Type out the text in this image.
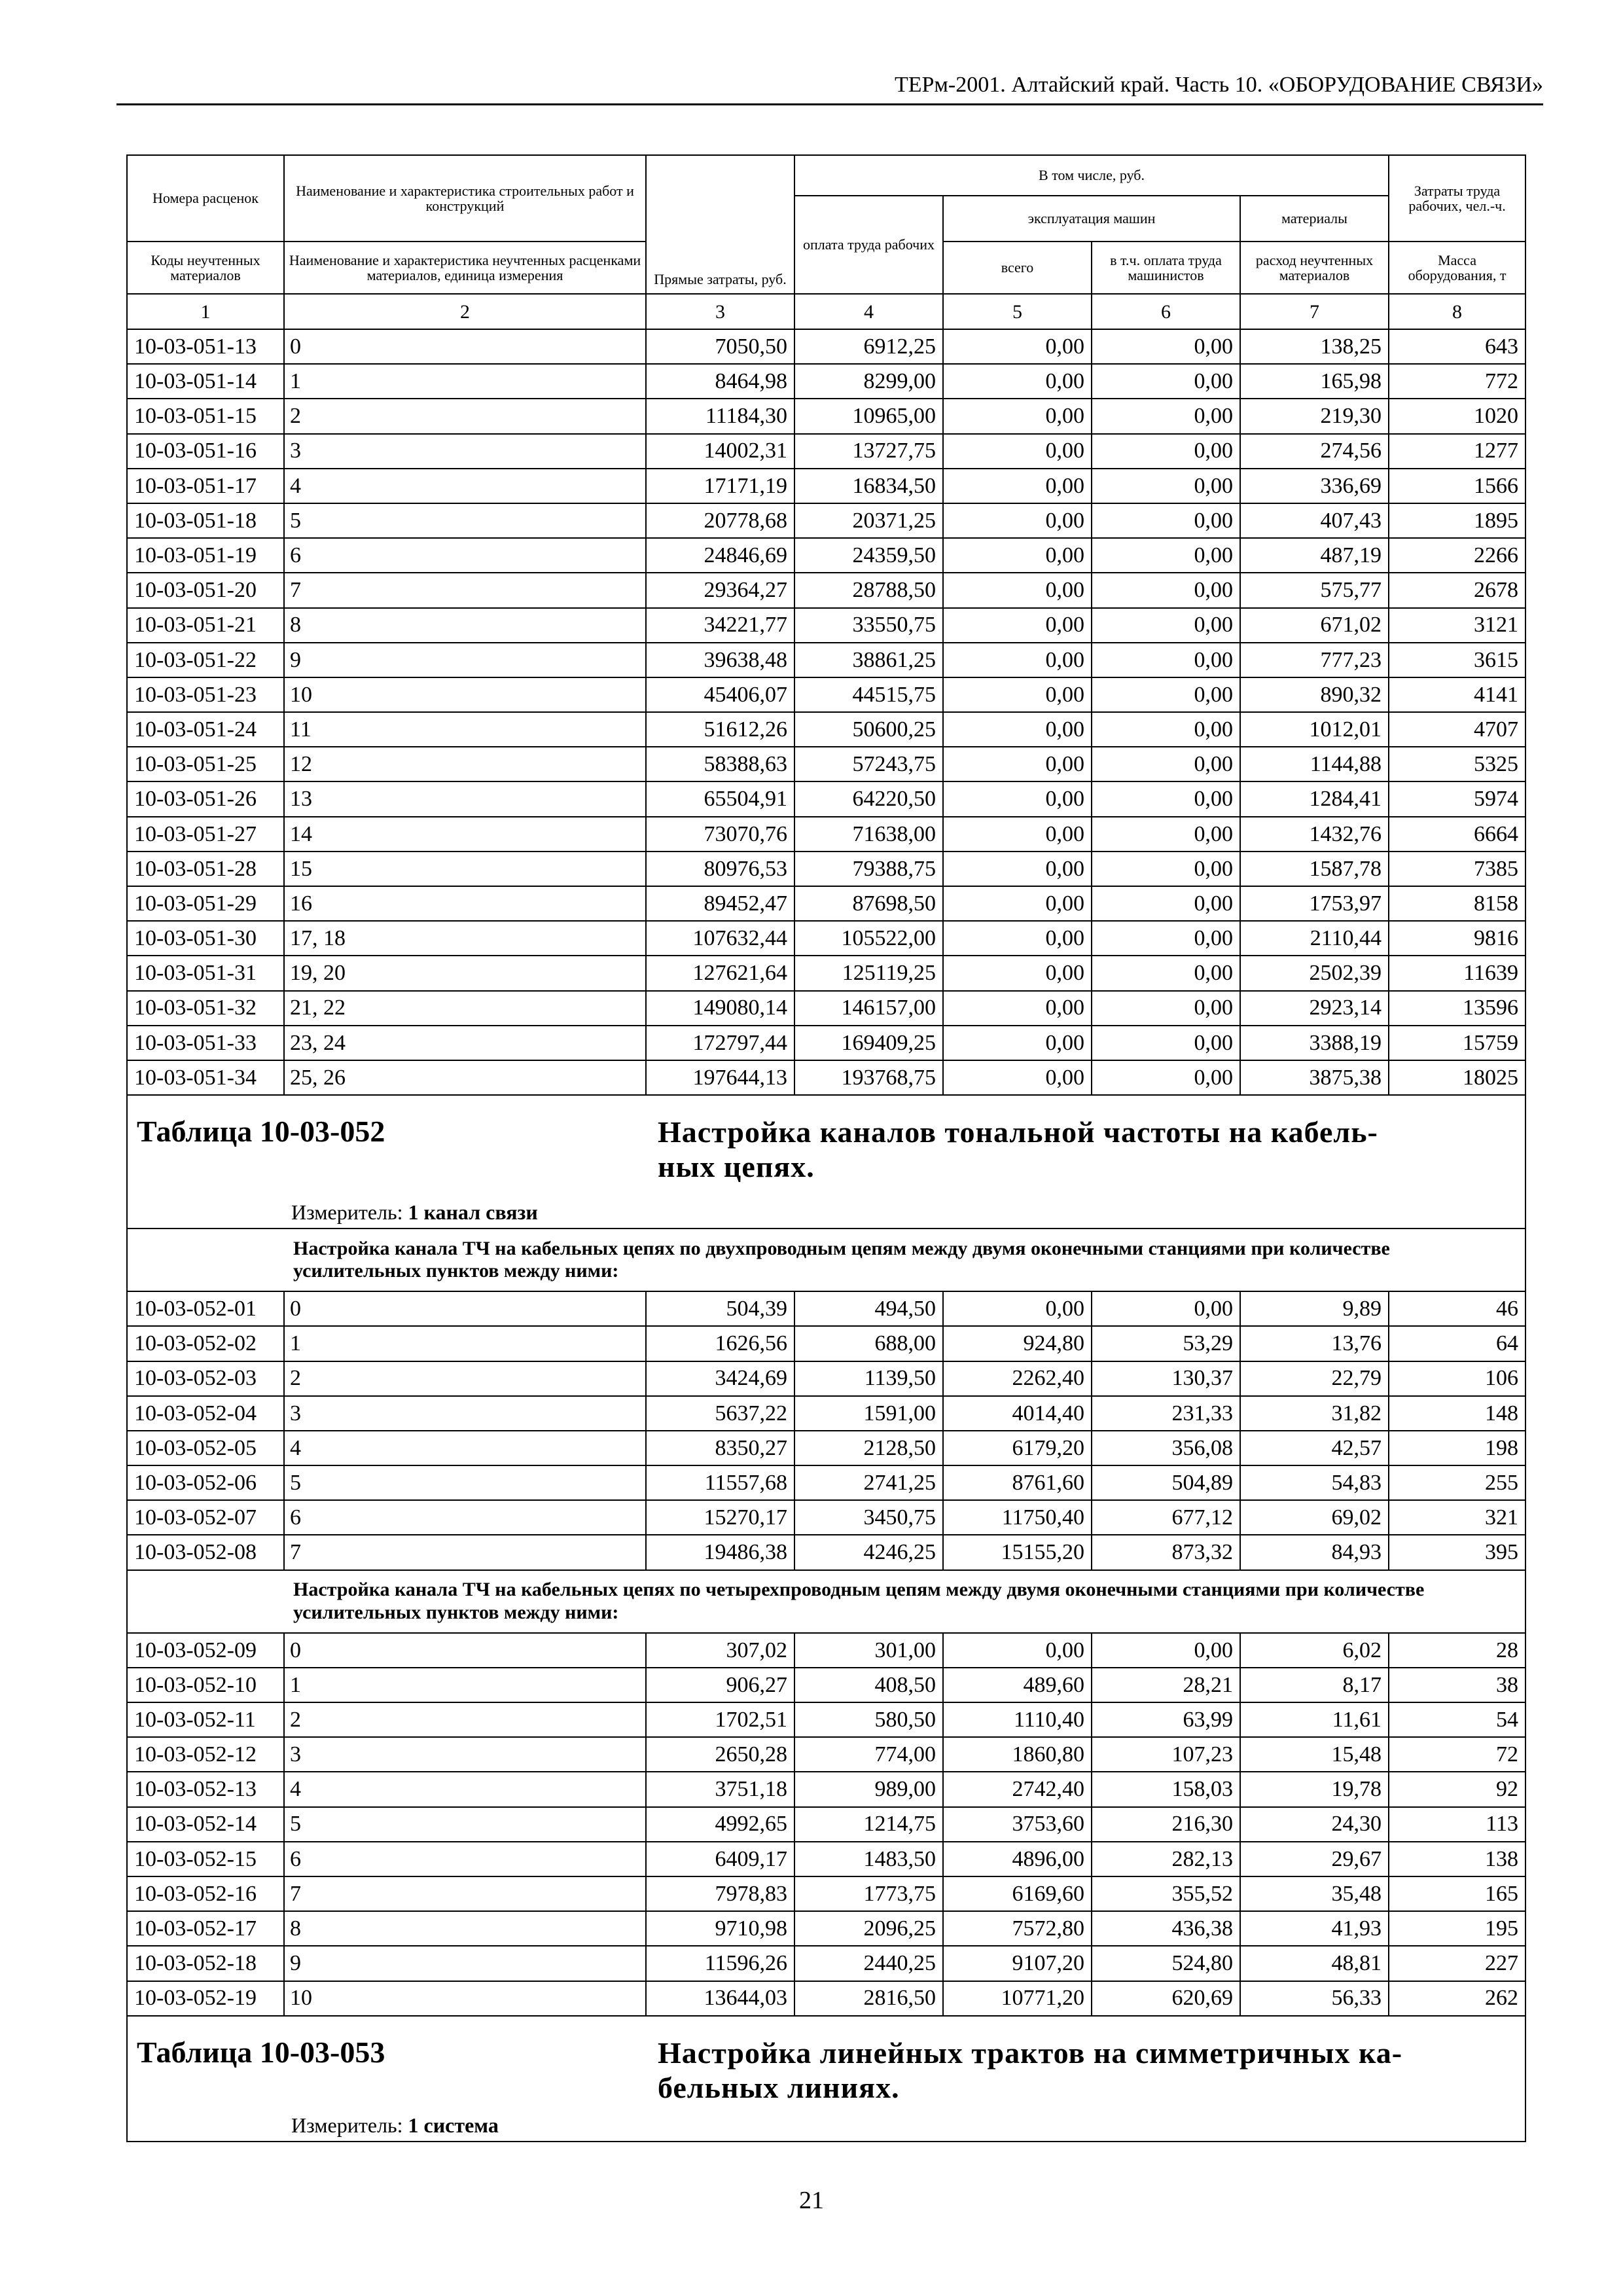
ТЕРм-2001. Алтайский край. Часть 10. «ОБОРУДОВАНИЕ СВЯЗИ»
Номера расценок	Наименование и характеристика строительных работ и конструкций	Прямые затраты, руб.	В том числе, руб.				Затраты труда рабочих, чел.-ч.
			оплата труда рабочих	эксплуатация машин		материалы	
Коды неучтенных материалов	Наименование и характеристика неучтенных расценками материалов, единица измерения			всего	в т.ч. оплата труда машинистов	расход неучтенных материалов	Масса оборудования, т
1	2	3	4	5	6	7	8
10-03-051-13	0	7050,50	6912,25	0,00	0,00	138,25	643
10-03-051-14	1	8464,98	8299,00	0,00	0,00	165,98	772
10-03-051-15	2	11184,30	10965,00	0,00	0,00	219,30	1020
10-03-051-16	3	14002,31	13727,75	0,00	0,00	274,56	1277
10-03-051-17	4	17171,19	16834,50	0,00	0,00	336,69	1566
10-03-051-18	5	20778,68	20371,25	0,00	0,00	407,43	1895
10-03-051-19	6	24846,69	24359,50	0,00	0,00	487,19	2266
10-03-051-20	7	29364,27	28788,50	0,00	0,00	575,77	2678
10-03-051-21	8	34221,77	33550,75	0,00	0,00	671,02	3121
10-03-051-22	9	39638,48	38861,25	0,00	0,00	777,23	3615
10-03-051-23	10	45406,07	44515,75	0,00	0,00	890,32	4141
10-03-051-24	11	51612,26	50600,25	0,00	0,00	1012,01	4707
10-03-051-25	12	58388,63	57243,75	0,00	0,00	1144,88	5325
10-03-051-26	13	65504,91	64220,50	0,00	0,00	1284,41	5974
10-03-051-27	14	73070,76	71638,00	0,00	0,00	1432,76	6664
10-03-051-28	15	80976,53	79388,75	0,00	0,00	1587,78	7385
10-03-051-29	16	89452,47	87698,50	0,00	0,00	1753,97	8158
10-03-051-30	17, 18	107632,44	105522,00	0,00	0,00	2110,44	9816
10-03-051-31	19, 20	127621,64	125119,25	0,00	0,00	2502,39	11639
10-03-051-32	21, 22	149080,14	146157,00	0,00	0,00	2923,14	13596
10-03-051-33	23, 24	172797,44	169409,25	0,00	0,00	3388,19	15759
10-03-051-34	25, 26	197644,13	193768,75	0,00	0,00	3875,38	18025

Таблица 10-03-052 Настройка каналов тональной частоты на кабель-
ных цепях.
Измеритель: 1 канал связи							

	Настройка канала ТЧ на кабельных цепях по двухпроводным цепям между двумя оконечными станциями при количестве усилительных пунктов между ними:						
10-03-052-01	0	504,39	494,50	0,00	0,00	9,89	46
10-03-052-02	1	1626,56	688,00	924,80	53,29	13,76	64
10-03-052-03	2	3424,69	1139,50	2262,40	130,37	22,79	106
10-03-052-04	3	5637,22	1591,00	4014,40	231,33	31,82	148
10-03-052-05	4	8350,27	2128,50	6179,20	356,08	42,57	198
10-03-052-06	5	11557,68	2741,25	8761,60	504,89	54,83	255
10-03-052-07	6	15270,17	3450,75	11750,40	677,12	69,02	321
10-03-052-08	7	19486,38	4246,25	15155,20	873,32	84,93	395
	Настройка канала ТЧ на кабельных цепях по четырехпроводным цепям между двумя оконечными станциями при количестве усилительных пунктов между ними:						
10-03-052-09	0	307,02	301,00	0,00	0,00	6,02	28
10-03-052-10	1	906,27	408,50	489,60	28,21	8,17	38
10-03-052-11	2	1702,51	580,50	1110,40	63,99	11,61	54
10-03-052-12	3	2650,28	774,00	1860,80	107,23	15,48	72
10-03-052-13	4	3751,18	989,00	2742,40	158,03	19,78	92
10-03-052-14	5	4992,65	1214,75	3753,60	216,30	24,30	113
10-03-052-15	6	6409,17	1483,50	4896,00	282,13	29,67	138
10-03-052-16	7	7978,83	1773,75	6169,60	355,52	35,48	165
10-03-052-17	8	9710,98	2096,25	7572,80	436,38	41,93	195
10-03-052-18	9	11596,26	2440,25	9107,20	524,80	48,81	227
10-03-052-19	10	13644,03	2816,50	10771,20	620,69	56,33	262

Таблица 10-03-053 Настройка линейных трактов на симметричных ка-
бельных линиях.
Измеритель: 1 система							
21
